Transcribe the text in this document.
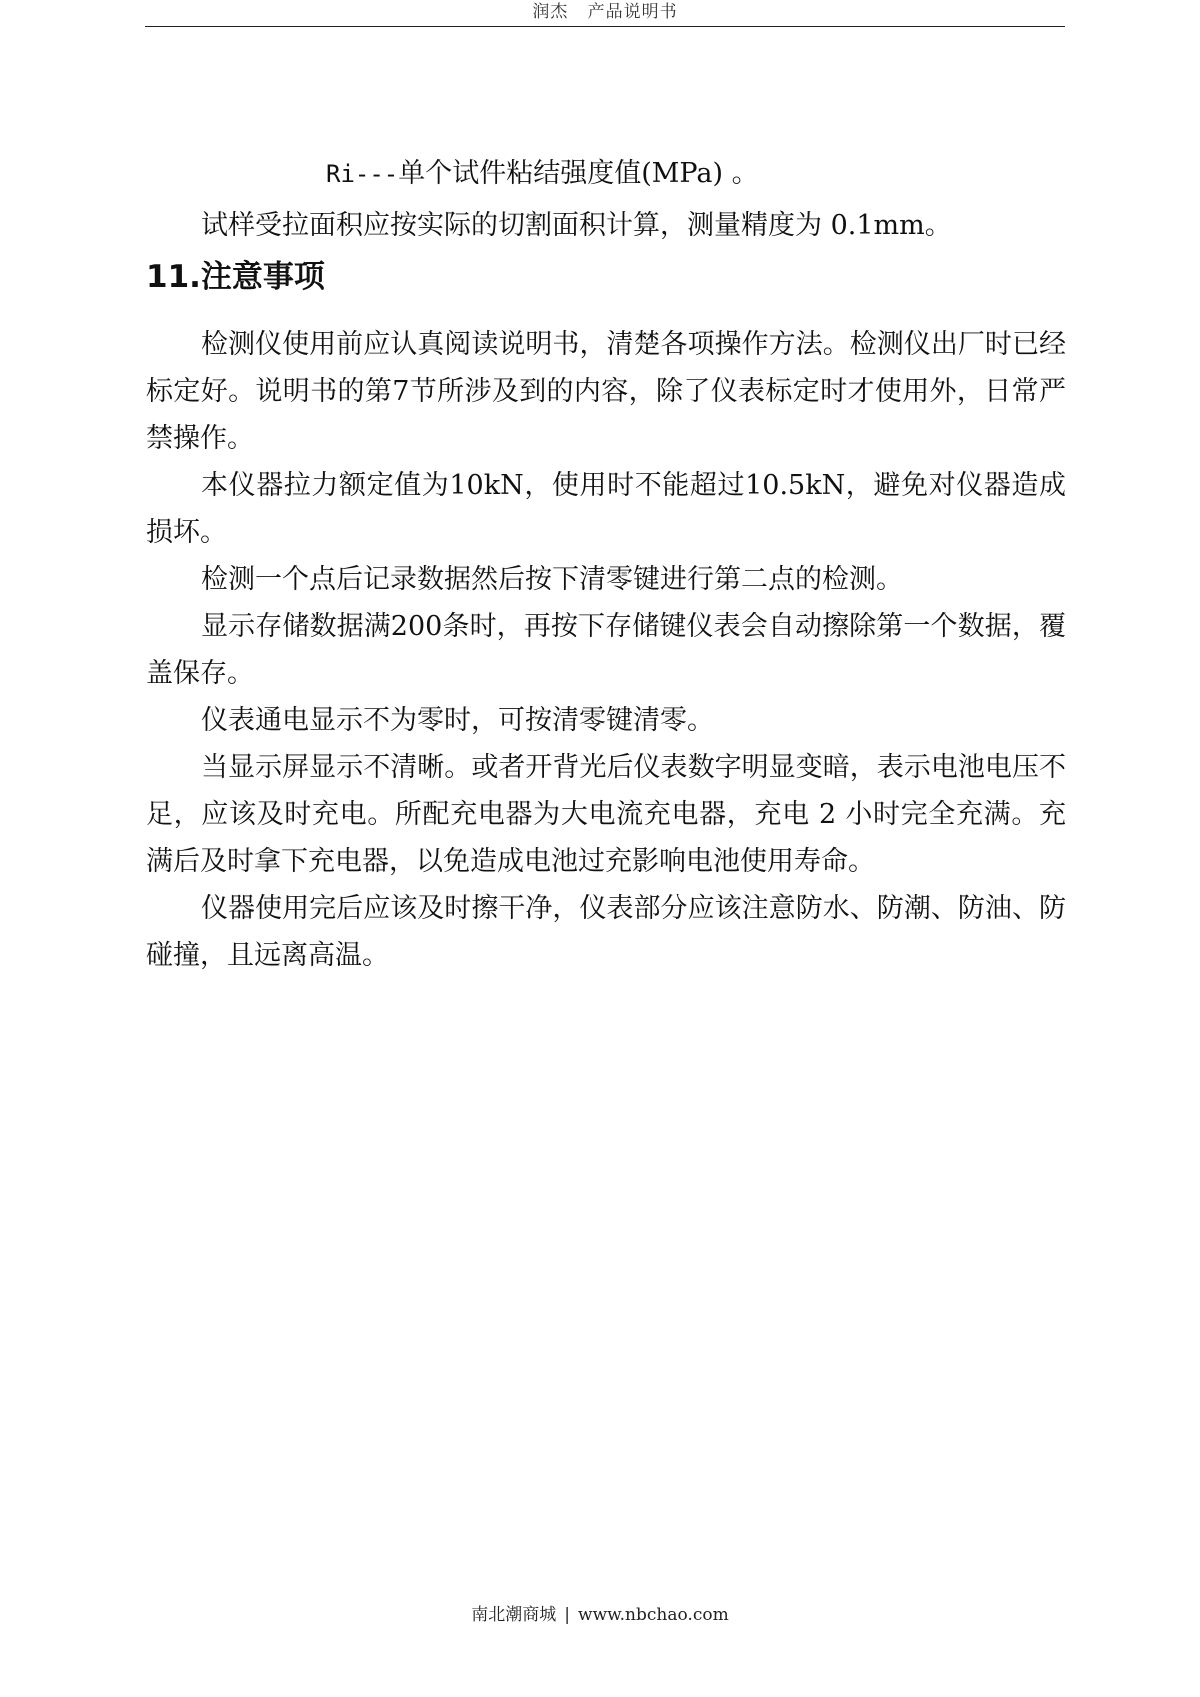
润杰 产品说明书

Ri---单个试件粘结强度值(MPa) 。

试样受拉面积应按实际的切割面积计算，测量精度为 0.1mm。

11.注意事项

检测仪使用前应认真阅读说明书，清楚各项操作方法。检测仪出厂时已经标定好。说明书的第7节所涉及到的内容，除了仪表标定时才使用外，日常严禁操作。

本仪器拉力额定值为10kN，使用时不能超过10.5kN，避免对仪器造成损坏。

检测一个点后记录数据然后按下清零键进行第二点的检测。

显示存储数据满200条时，再按下存储键仪表会自动擦除第一个数据，覆盖保存。

仪表通电显示不为零时，可按清零键清零。

当显示屏显示不清晰。或者开背光后仪表数字明显变暗，表示电池电压不足，应该及时充电。所配充电器为大电流充电器，充电 2 小时完全充满。充满后及时拿下充电器，以免造成电池过充影响电池使用寿命。

仪器使用完后应该及时擦干净，仪表部分应该注意防水、防潮、防油、防碰撞，且远离高温。

南北潮商城 | www.nbchao.com
